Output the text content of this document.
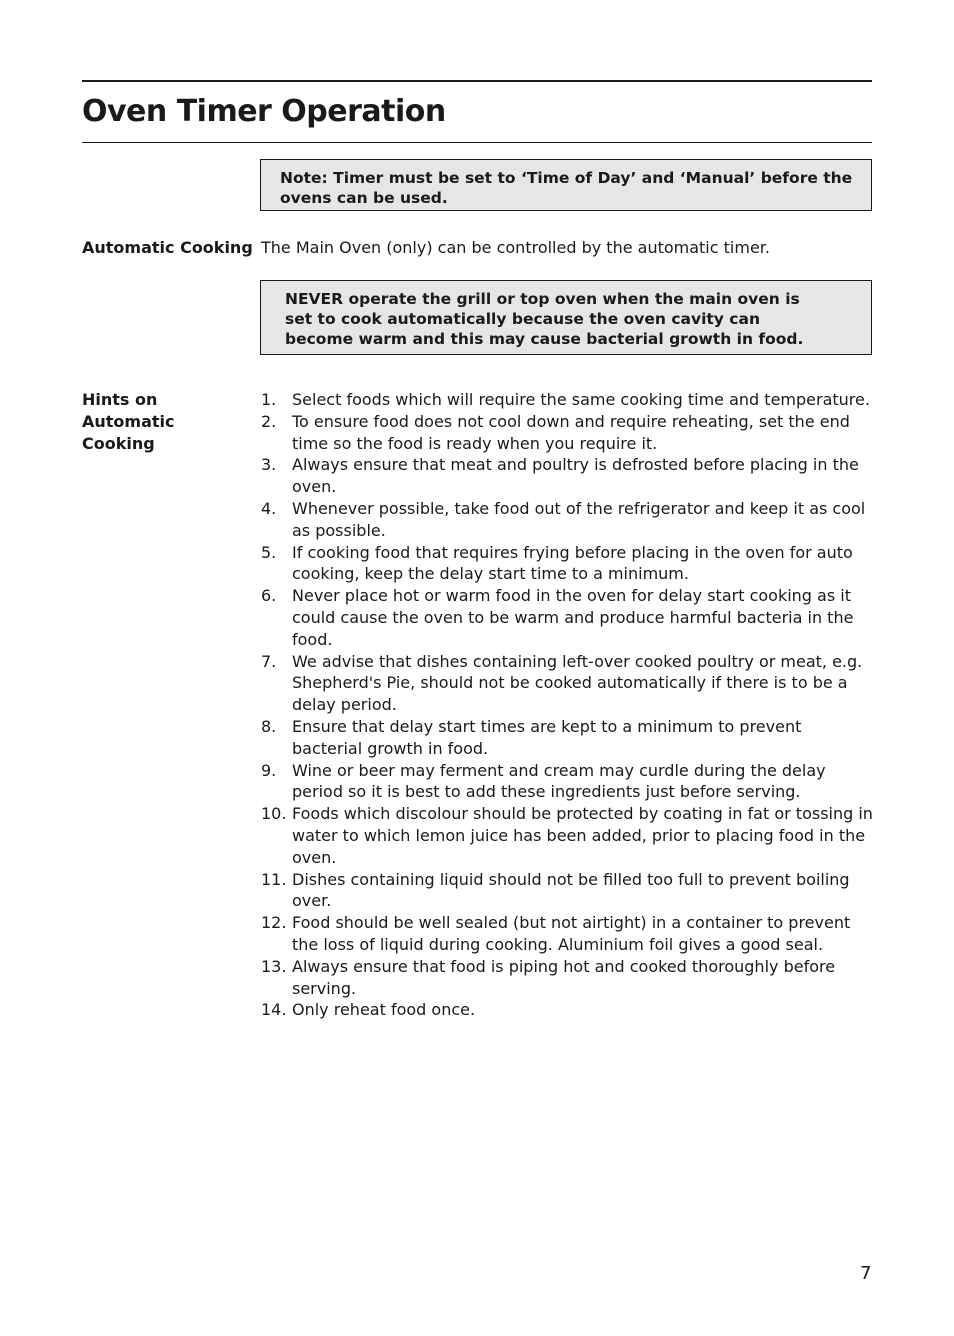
Oven Timer Operation
Note: Timer must be set to ‘Time of Day’ and ‘Manual’ before the ovens can be used.
Automatic Cooking The Main Oven (only) can be controlled by the automatic timer.
NEVER operate the grill or top oven when the main oven is set to cook automatically because the oven cavity can become warm and this may cause bacterial growth in food.
Hints on Automatic Cooking
1. Select foods which will require the same cooking time and temperature.
2. To ensure food does not cool down and require reheating, set the end time so the food is ready when you require it.
3. Always ensure that meat and poultry is defrosted before placing in the oven.
4. Whenever possible, take food out of the refrigerator and keep it as cool as possible.
5. If cooking food that requires frying before placing in the oven for auto cooking, keep the delay start time to a minimum.
6. Never place hot or warm food in the oven for delay start cooking as it could cause the oven to be warm and produce harmful bacteria in the food.
7. We advise that dishes containing left-over cooked poultry or meat, e.g. Shepherd's Pie, should not be cooked automatically if there is to be a delay period.
8. Ensure that delay start times are kept to a minimum to prevent bacterial growth in food.
9. Wine or beer may ferment and cream may curdle during the delay period so it is best to add these ingredients just before serving.
10. Foods which discolour should be protected by coating in fat or tossing in water to which lemon juice has been added, prior to placing food in the oven.
11. Dishes containing liquid should not be filled too full to prevent boiling over.
12. Food should be well sealed (but not airtight) in a container to prevent the loss of liquid during cooking. Aluminium foil gives a good seal.
13. Always ensure that food is piping hot and cooked thoroughly before serving.
14. Only reheat food once.
7
